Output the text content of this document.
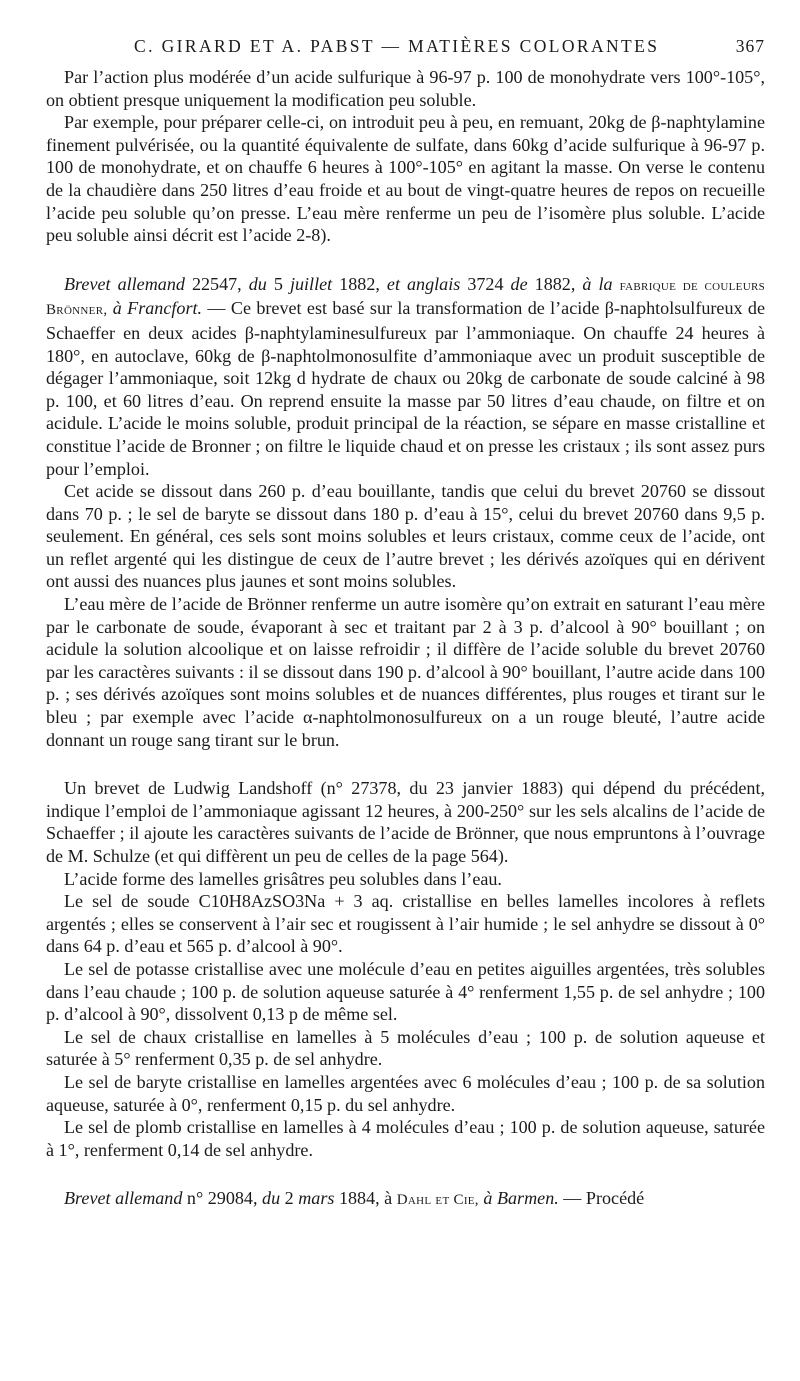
C. GIRARD ET A. PABST — MATIÈRES COLORANTES	367

Par l’action plus modérée d’un acide sulfurique à 96-97 p. 100 de monohydrate vers 100°-105°, on obtient presque uniquement la modification peu soluble.

Par exemple, pour préparer celle-ci, on introduit peu à peu, en remuant, 20kg de β-naphtylamine finement pulvérisée, ou la quantité équivalente de sulfate, dans 60kg d’acide sulfurique à 96-97 p. 100 de monohydrate, et on chauffe 6 heures à 100°-105° en agitant la masse. On verse le contenu de la chaudière dans 250 litres d’eau froide et au bout de vingt-quatre heures de repos on recueille l’acide peu soluble qu’on presse. L’eau mère renferme un peu de l’isomère plus soluble. L’acide peu soluble ainsi décrit est l’acide 2-8).

Brevet allemand 22547, du 5 juillet 1882, et anglais 3724 de 1882, à la fabrique de couleurs Brönner, à Francfort. — Ce brevet est basé sur la transformation de l’acide β-naphtolsulfureux de Schaeffer en deux acides β-naphtylaminesulfureux par l’ammoniaque. On chauffe 24 heures à 180°, en autoclave, 60kg de β-naphtolmonosulfite d’ammoniaque avec un produit susceptible de dégager l’ammoniaque, soit 12kg d hydrate de chaux ou 20kg de carbonate de soude calciné à 98 p. 100, et 60 litres d’eau. On reprend ensuite la masse par 50 litres d’eau chaude, on filtre et on acidule. L’acide le moins soluble, produit principal de la réaction, se sépare en masse cristalline et constitue l’acide de Bronner ; on filtre le liquide chaud et on presse les cristaux ; ils sont assez purs pour l’emploi.

Cet acide se dissout dans 260 p. d’eau bouillante, tandis que celui du brevet 20760 se dissout dans 70 p. ; le sel de baryte se dissout dans 180 p. d’eau à 15°, celui du brevet 20760 dans 9,5 p. seulement. En général, ces sels sont moins solubles et leurs cristaux, comme ceux de l’acide, ont un reflet argenté qui les distingue de ceux de l’autre brevet ; les dérivés azoïques qui en dérivent ont aussi des nuances plus jaunes et sont moins solubles.

L’eau mère de l’acide de Brönner renferme un autre isomère qu’on extrait en saturant l’eau mère par le carbonate de soude, évaporant à sec et traitant par 2 à 3 p. d’alcool à 90° bouillant ; on acidule la solution alcoolique et on laisse refroidir ; il diffère de l’acide soluble du brevet 20760 par les caractères suivants : il se dissout dans 190 p. d’alcool à 90° bouillant, l’autre acide dans 100 p. ; ses dérivés azoïques sont moins solubles et de nuances différentes, plus rouges et tirant sur le bleu ; par exemple avec l’acide α-naphtolmonosulfureux on a un rouge bleuté, l’autre acide donnant un rouge sang tirant sur le brun.

Un brevet de Ludwig Landshoff (n° 27378, du 23 janvier 1883) qui dépend du précédent, indique l’emploi de l’ammoniaque agissant 12 heures, à 200-250° sur les sels alcalins de l’acide de Schaeffer ; il ajoute les caractères suivants de l’acide de Brönner, que nous empruntons à l’ouvrage de M. Schulze (et qui diffèrent un peu de celles de la page 564).

L’acide forme des lamelles grisâtres peu solubles dans l’eau.

Le sel de soude C10H8AzSO3Na + 3 aq. cristallise en belles lamelles incolores à reflets argentés ; elles se conservent à l’air sec et rougissent à l’air humide ; le sel anhydre se dissout à 0° dans 64 p. d’eau et 565 p. d’alcool à 90°.

Le sel de potasse cristallise avec une molécule d’eau en petites aiguilles argentées, très solubles dans l’eau chaude ; 100 p. de solution aqueuse saturée à 4° renferment 1,55 p. de sel anhydre ; 100 p. d’alcool à 90°, dissolvent 0,13 p de même sel.

Le sel de chaux cristallise en lamelles à 5 molécules d’eau ; 100 p. de solution aqueuse et saturée à 5° renferment 0,35 p. de sel anhydre.

Le sel de baryte cristallise en lamelles argentées avec 6 molécules d’eau ; 100 p. de sa solution aqueuse, saturée à 0°, renferment 0,15 p. du sel anhydre.

Le sel de plomb cristallise en lamelles à 4 molécules d’eau ; 100 p. de solution aqueuse, saturée à 1°, renferment 0,14 de sel anhydre.

Brevet allemand n° 29084, du 2 mars 1884, à Dahl et Cie, à Barmen. — Procédé
